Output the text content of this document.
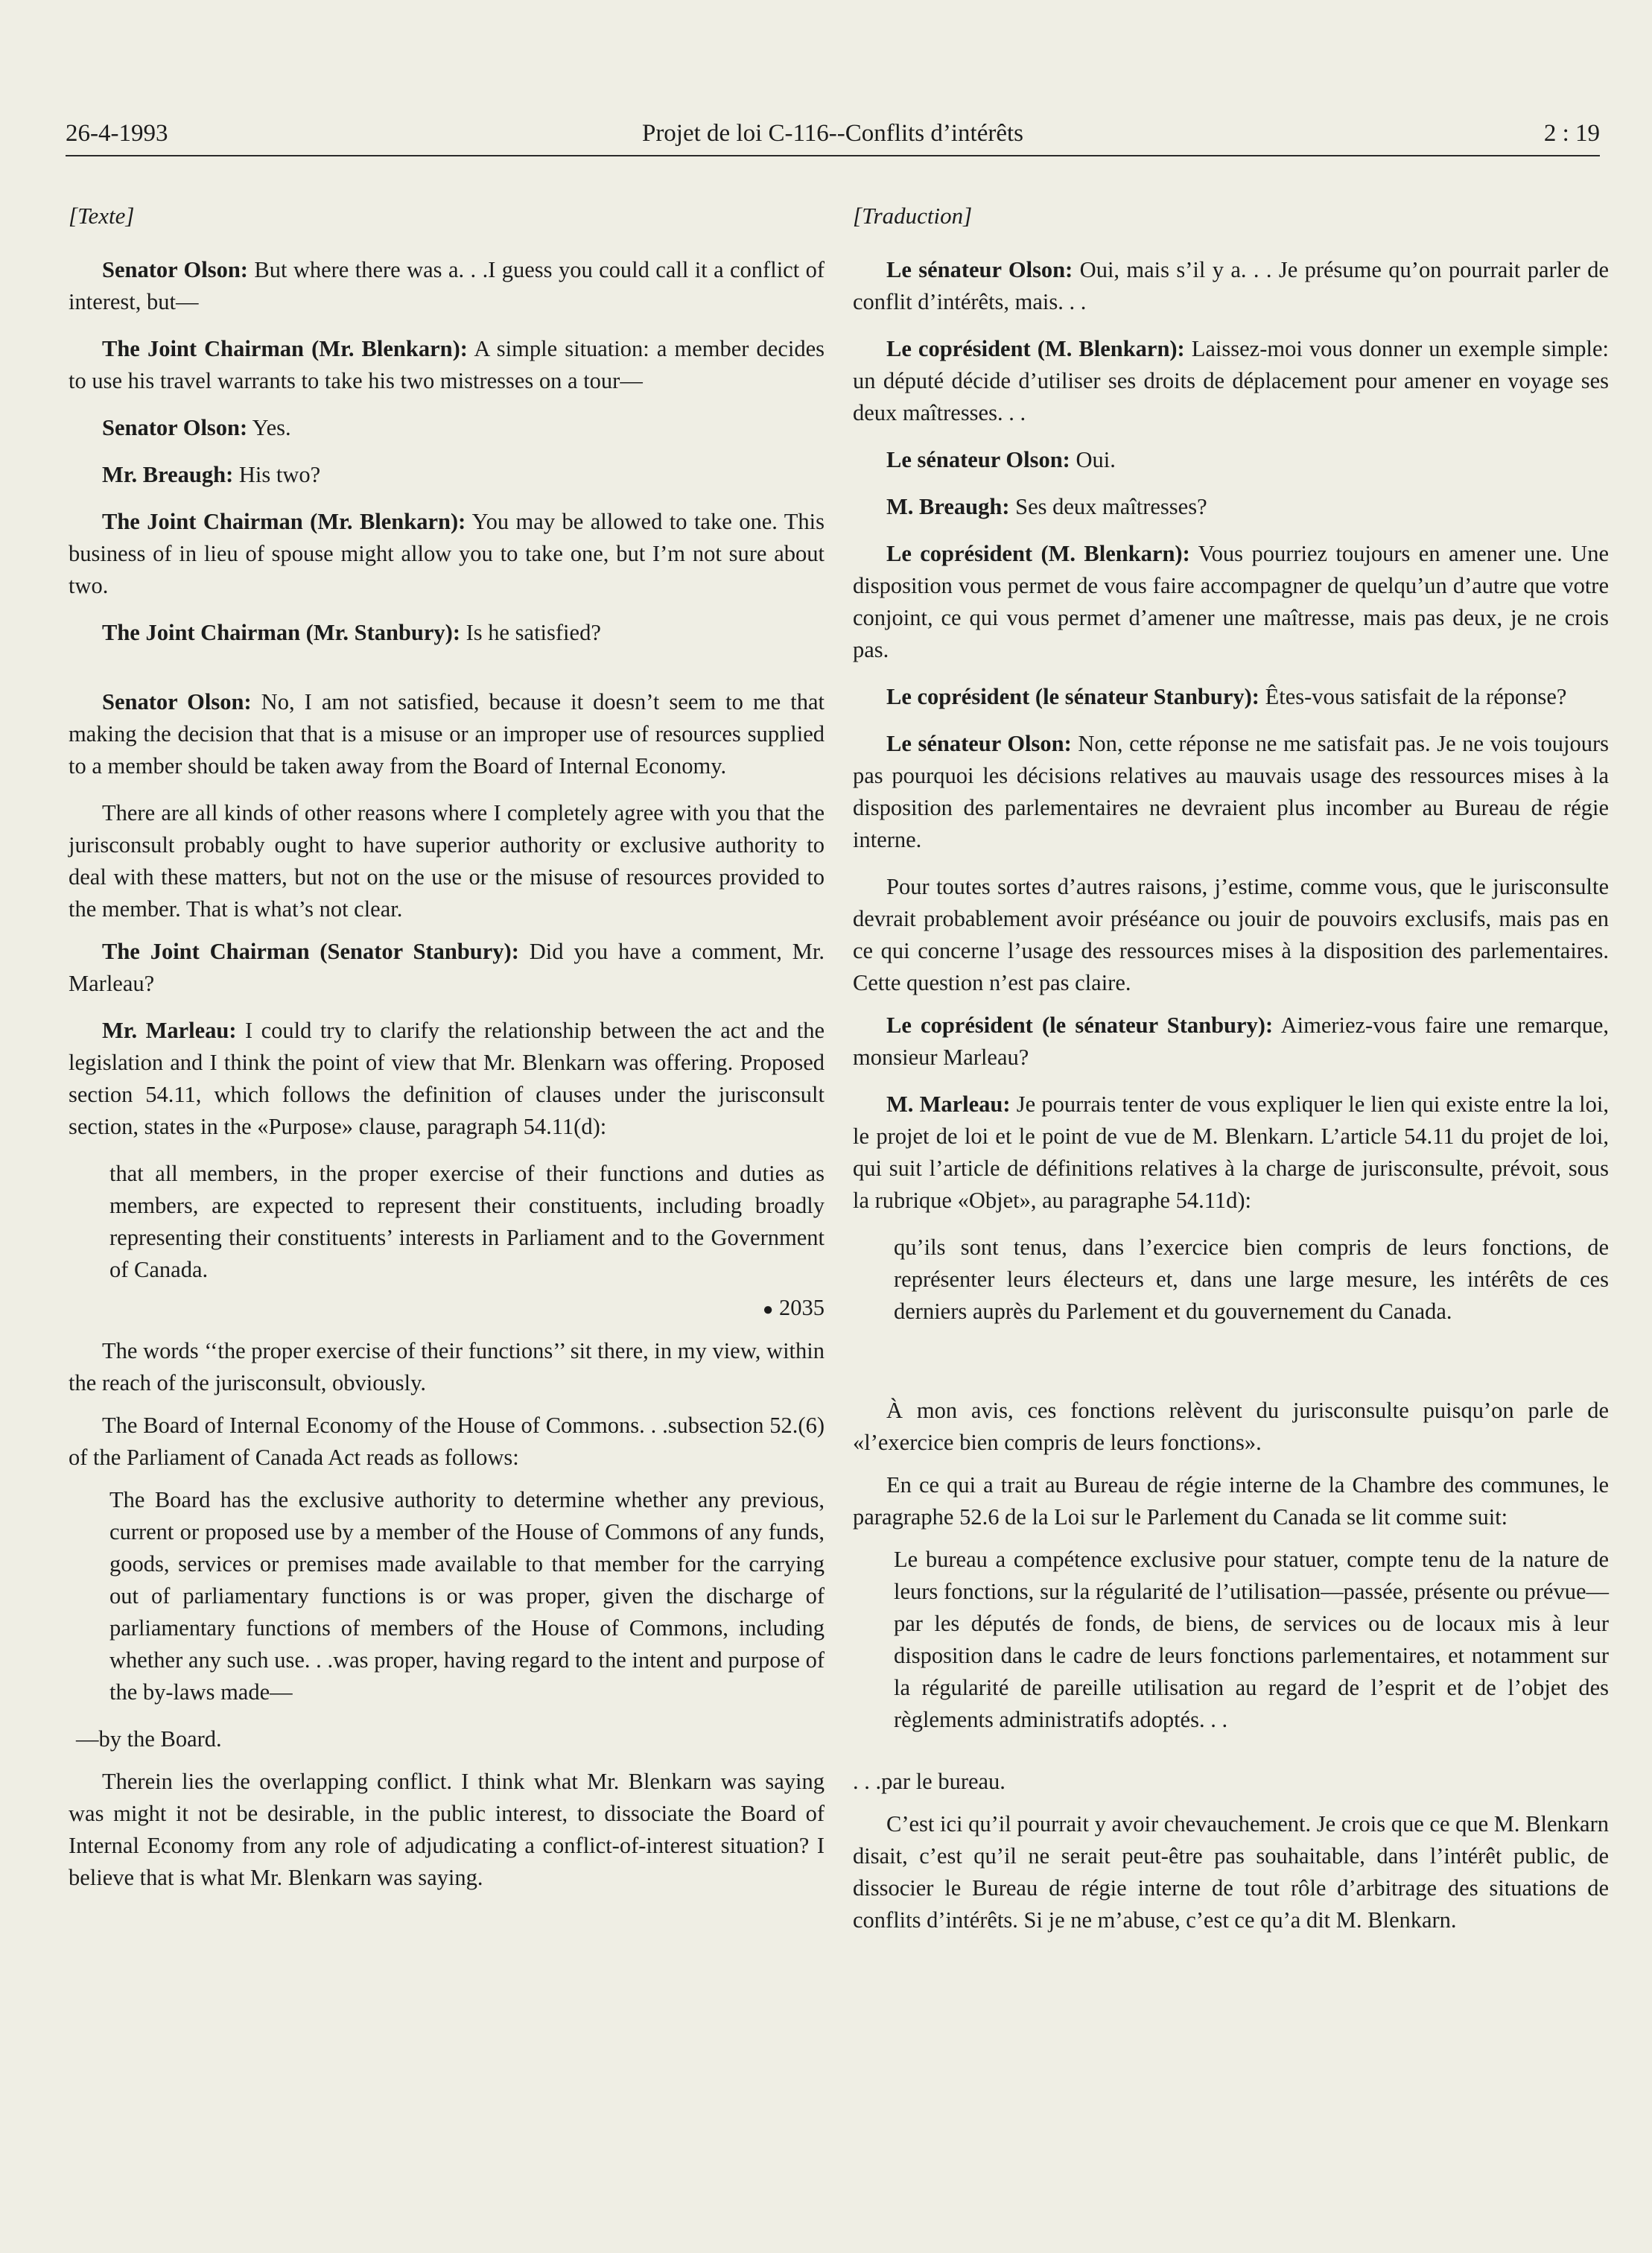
26-4-1993	Projet de loi C-116--Conflits d’intérêts	2 : 19

[Texte]

Senator Olson: But where there was a. . .I guess you could call it a conflict of interest, but—

The Joint Chairman (Mr. Blenkarn): A simple situation: a member decides to use his travel warrants to take his two mistresses on a tour—

Senator Olson: Yes.

Mr. Breaugh: His two?

The Joint Chairman (Mr. Blenkarn): You may be allowed to take one. This business of in lieu of spouse might allow you to take one, but I’m not sure about two.

The Joint Chairman (Mr. Stanbury): Is he satisfied?

Senator Olson: No, I am not satisfied, because it doesn’t seem to me that making the decision that that is a misuse or an improper use of resources supplied to a member should be taken away from the Board of Internal Economy.

There are all kinds of other reasons where I completely agree with you that the jurisconsult probably ought to have superior authority or exclusive authority to deal with these matters, but not on the use or the misuse of resources provided to the member. That is what’s not clear.

The Joint Chairman (Senator Stanbury): Did you have a comment, Mr. Marleau?

Mr. Marleau: I could try to clarify the relationship between the act and the legislation and I think the point of view that Mr. Blenkarn was offering. Proposed section 54.11, which follows the definition of clauses under the jurisconsult section, states in the «Purpose» clause, paragraph 54.11(d):

that all members, in the proper exercise of their functions and duties as members, are expected to represent their constituents, including broadly representing their constituents’ interests in Parliament and to the Government of Canada.

● 2035

The words ‘‘the proper exercise of their functions’’ sit there, in my view, within the reach of the jurisconsult, obviously.

The Board of Internal Economy of the House of Commons. . .subsection 52.(6) of the Parliament of Canada Act reads as follows:

The Board has the exclusive authority to determine whether any previous, current or proposed use by a member of the House of Commons of any funds, goods, services or premises made available to that member for the carrying out of parliamentary functions is or was proper, given the discharge of parliamentary functions of members of the House of Commons, including whether any such use. . .was proper, having regard to the intent and purpose of the by-laws made—

—by the Board.

Therein lies the overlapping conflict. I think what Mr. Blenkarn was saying was might it not be desirable, in the public interest, to dissociate the Board of Internal Economy from any role of adjudicating a conflict-of-interest situation? I believe that is what Mr. Blenkarn was saying.

[Traduction]

Le sénateur Olson: Oui, mais s’il y a. . . Je présume qu’on pourrait parler de conflit d’intérêts, mais. . .

Le coprésident (M. Blenkarn): Laissez-moi vous donner un exemple simple: un député décide d’utiliser ses droits de déplacement pour amener en voyage ses deux maîtresses. . .

Le sénateur Olson: Oui.

M. Breaugh: Ses deux maîtresses?

Le coprésident (M. Blenkarn): Vous pourriez toujours en amener une. Une disposition vous permet de vous faire accompagner de quelqu’un d’autre que votre conjoint, ce qui vous permet d’amener une maîtresse, mais pas deux, je ne crois pas.

Le coprésident (le sénateur Stanbury): Êtes-vous satisfait de la réponse?

Le sénateur Olson: Non, cette réponse ne me satisfait pas. Je ne vois toujours pas pourquoi les décisions relatives au mauvais usage des ressources mises à la disposition des parlementaires ne devraient plus incomber au Bureau de régie interne.

Pour toutes sortes d’autres raisons, j’estime, comme vous, que le jurisconsulte devrait probablement avoir préséance ou jouir de pouvoirs exclusifs, mais pas en ce qui concerne l’usage des ressources mises à la disposition des parlementaires. Cette question n’est pas claire.

Le coprésident (le sénateur Stanbury): Aimeriez-vous faire une remarque, monsieur Marleau?

M. Marleau: Je pourrais tenter de vous expliquer le lien qui existe entre la loi, le projet de loi et le point de vue de M. Blenkarn. L’article 54.11 du projet de loi, qui suit l’article de définitions relatives à la charge de jurisconsulte, prévoit, sous la rubrique «Objet», au paragraphe 54.11d):

qu’ils sont tenus, dans l’exercice bien compris de leurs fonctions, de représenter leurs électeurs et, dans une large mesure, les intérêts de ces derniers auprès du Parlement et du gouvernement du Canada.

À mon avis, ces fonctions relèvent du jurisconsulte puisqu’on parle de «l’exercice bien compris de leurs fonctions».

En ce qui a trait au Bureau de régie interne de la Chambre des communes, le paragraphe 52.6 de la Loi sur le Parlement du Canada se lit comme suit:

Le bureau a compétence exclusive pour statuer, compte tenu de la nature de leurs fonctions, sur la régularité de l’utilisation—passée, présente ou prévue—par les députés de fonds, de biens, de services ou de locaux mis à leur disposition dans le cadre de leurs fonctions parlementaires, et notamment sur la régularité de pareille utilisation au regard de l’esprit et de l’objet des règlements administratifs adoptés. . .

. . .par le bureau.

C’est ici qu’il pourrait y avoir chevauchement. Je crois que ce que M. Blenkarn disait, c’est qu’il ne serait peut-être pas souhaitable, dans l’intérêt public, de dissocier le Bureau de régie interne de tout rôle d’arbitrage des situations de conflits d’intérêts. Si je ne m’abuse, c’est ce qu’a dit M. Blenkarn.
